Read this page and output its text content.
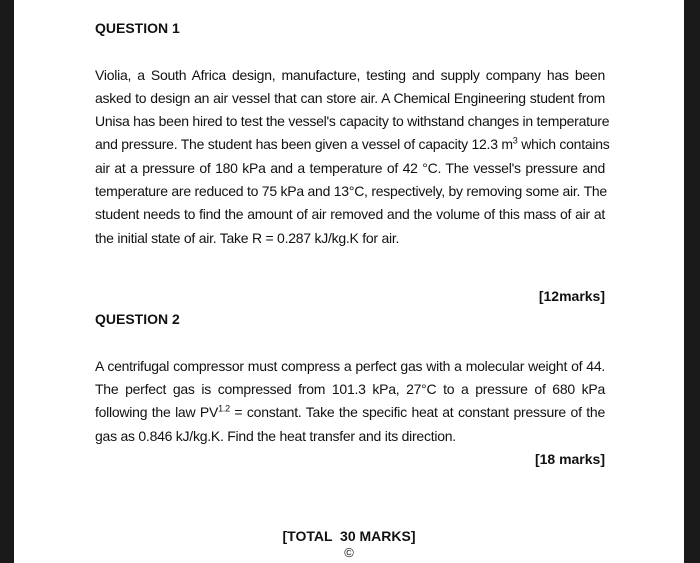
QUESTION 1
Violia, a South Africa design, manufacture, testing and supply company has been
asked to design an air vessel that can store air. A Chemical Engineering student from
Unisa has been hired to test the vessel's capacity to withstand changes in temperature
and pressure. The student has been given a vessel of capacity 12.3 $m^3$ which contains
air at a pressure of 180 kPa and a temperature of 42 °C. The vessel's pressure and
temperature are reduced to 75 kPa and 13°C, respectively, by removing some air. The
student needs to find the amount of air removed and the volume of this mass of air at
the initial state of air. Take R = 0.287 kJ/kg.K for air.
[12marks]
QUESTION 2
A centrifugal compressor must compress a perfect gas with a molecular weight of 44.
The perfect gas is compressed from 101.3 kPa, 27°C to a pressure of 680 kPa
following the law $PV^{1.2}$ = constant. Take the specific heat at constant pressure of the
gas as 0.846 kJ/kg.K. Find the heat transfer and its direction.
[18 marks]
[TOTAL  30 MARKS]
©
